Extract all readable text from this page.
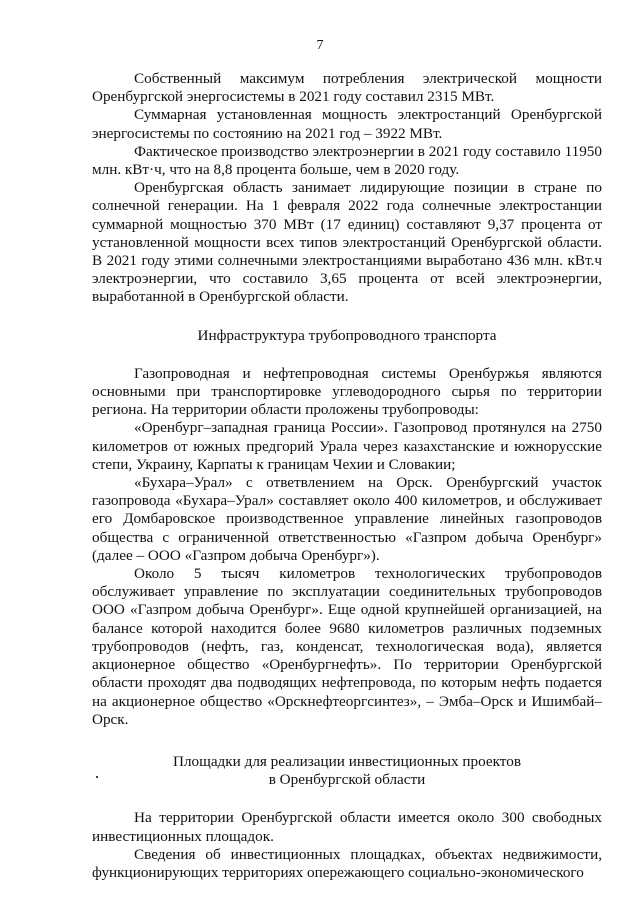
7

Собственный максимум потребления электрической мощности Оренбургской энергосистемы в 2021 году составил 2315 МВт.

Суммарная установленная мощность электростанций Оренбургской энергосистемы по состоянию на 2021 год – 3922 МВт.

Фактическое производство электроэнергии в 2021 году составило 11950 млн. кВт·ч, что на 8,8 процента больше, чем в 2020 году.

Оренбургская область занимает лидирующие позиции в стране по солнечной генерации. На 1 февраля 2022 года солнечные электростанции суммарной мощностью 370 МВт (17 единиц) составляют 9,37 процента от установленной мощности всех типов электростанций Оренбургской области. В 2021 году этими солнечными электростанциями выработано 436 млн. кВт.ч электроэнергии, что составило 3,65 процента от всей электроэнергии, выработанной в Оренбургской области.

Инфраструктура трубопроводного транспорта

Газопроводная и нефтепроводная системы Оренбуржья являются основными при транспортировке углеводородного сырья по территории региона. На территории области проложены трубопроводы:

«Оренбург–западная граница России». Газопровод протянулся на 2750 километров от южных предгорий Урала через казахстанские и южнорусские степи, Украину, Карпаты к границам Чехии и Словакии;

«Бухара–Урал» с ответвлением на Орск. Оренбургский участок газопровода «Бухара–Урал» составляет около 400 километров, и обслуживает его Домбаровское производственное управление линейных газопроводов общества с ограниченной ответственностью «Газпром добыча Оренбург» (далее – ООО «Газпром добыча Оренбург»).

Около 5 тысяч километров технологических трубопроводов обслуживает управление по эксплуатации соединительных трубопроводов ООО «Газпром добыча Оренбург». Еще одной крупнейшей организацией, на балансе которой находится более 9680 километров различных подземных трубопроводов (нефть, газ, конденсат, технологическая вода), является акционерное общество «Оренбургнефть». По территории Оренбургской области проходят два подводящих нефтепровода, по которым нефть подается на акционерное общество «Орскнефтеоргсинтез», – Эмба–Орск и Ишимбай–Орск.

Площадки для реализации инвестиционных проектов
в Оренбургской области

На территории Оренбургской области имеется около 300 свободных инвестиционных площадок.

Сведения об инвестиционных площадках, объектах недвижимости, функционирующих территориях опережающего социально-экономического
